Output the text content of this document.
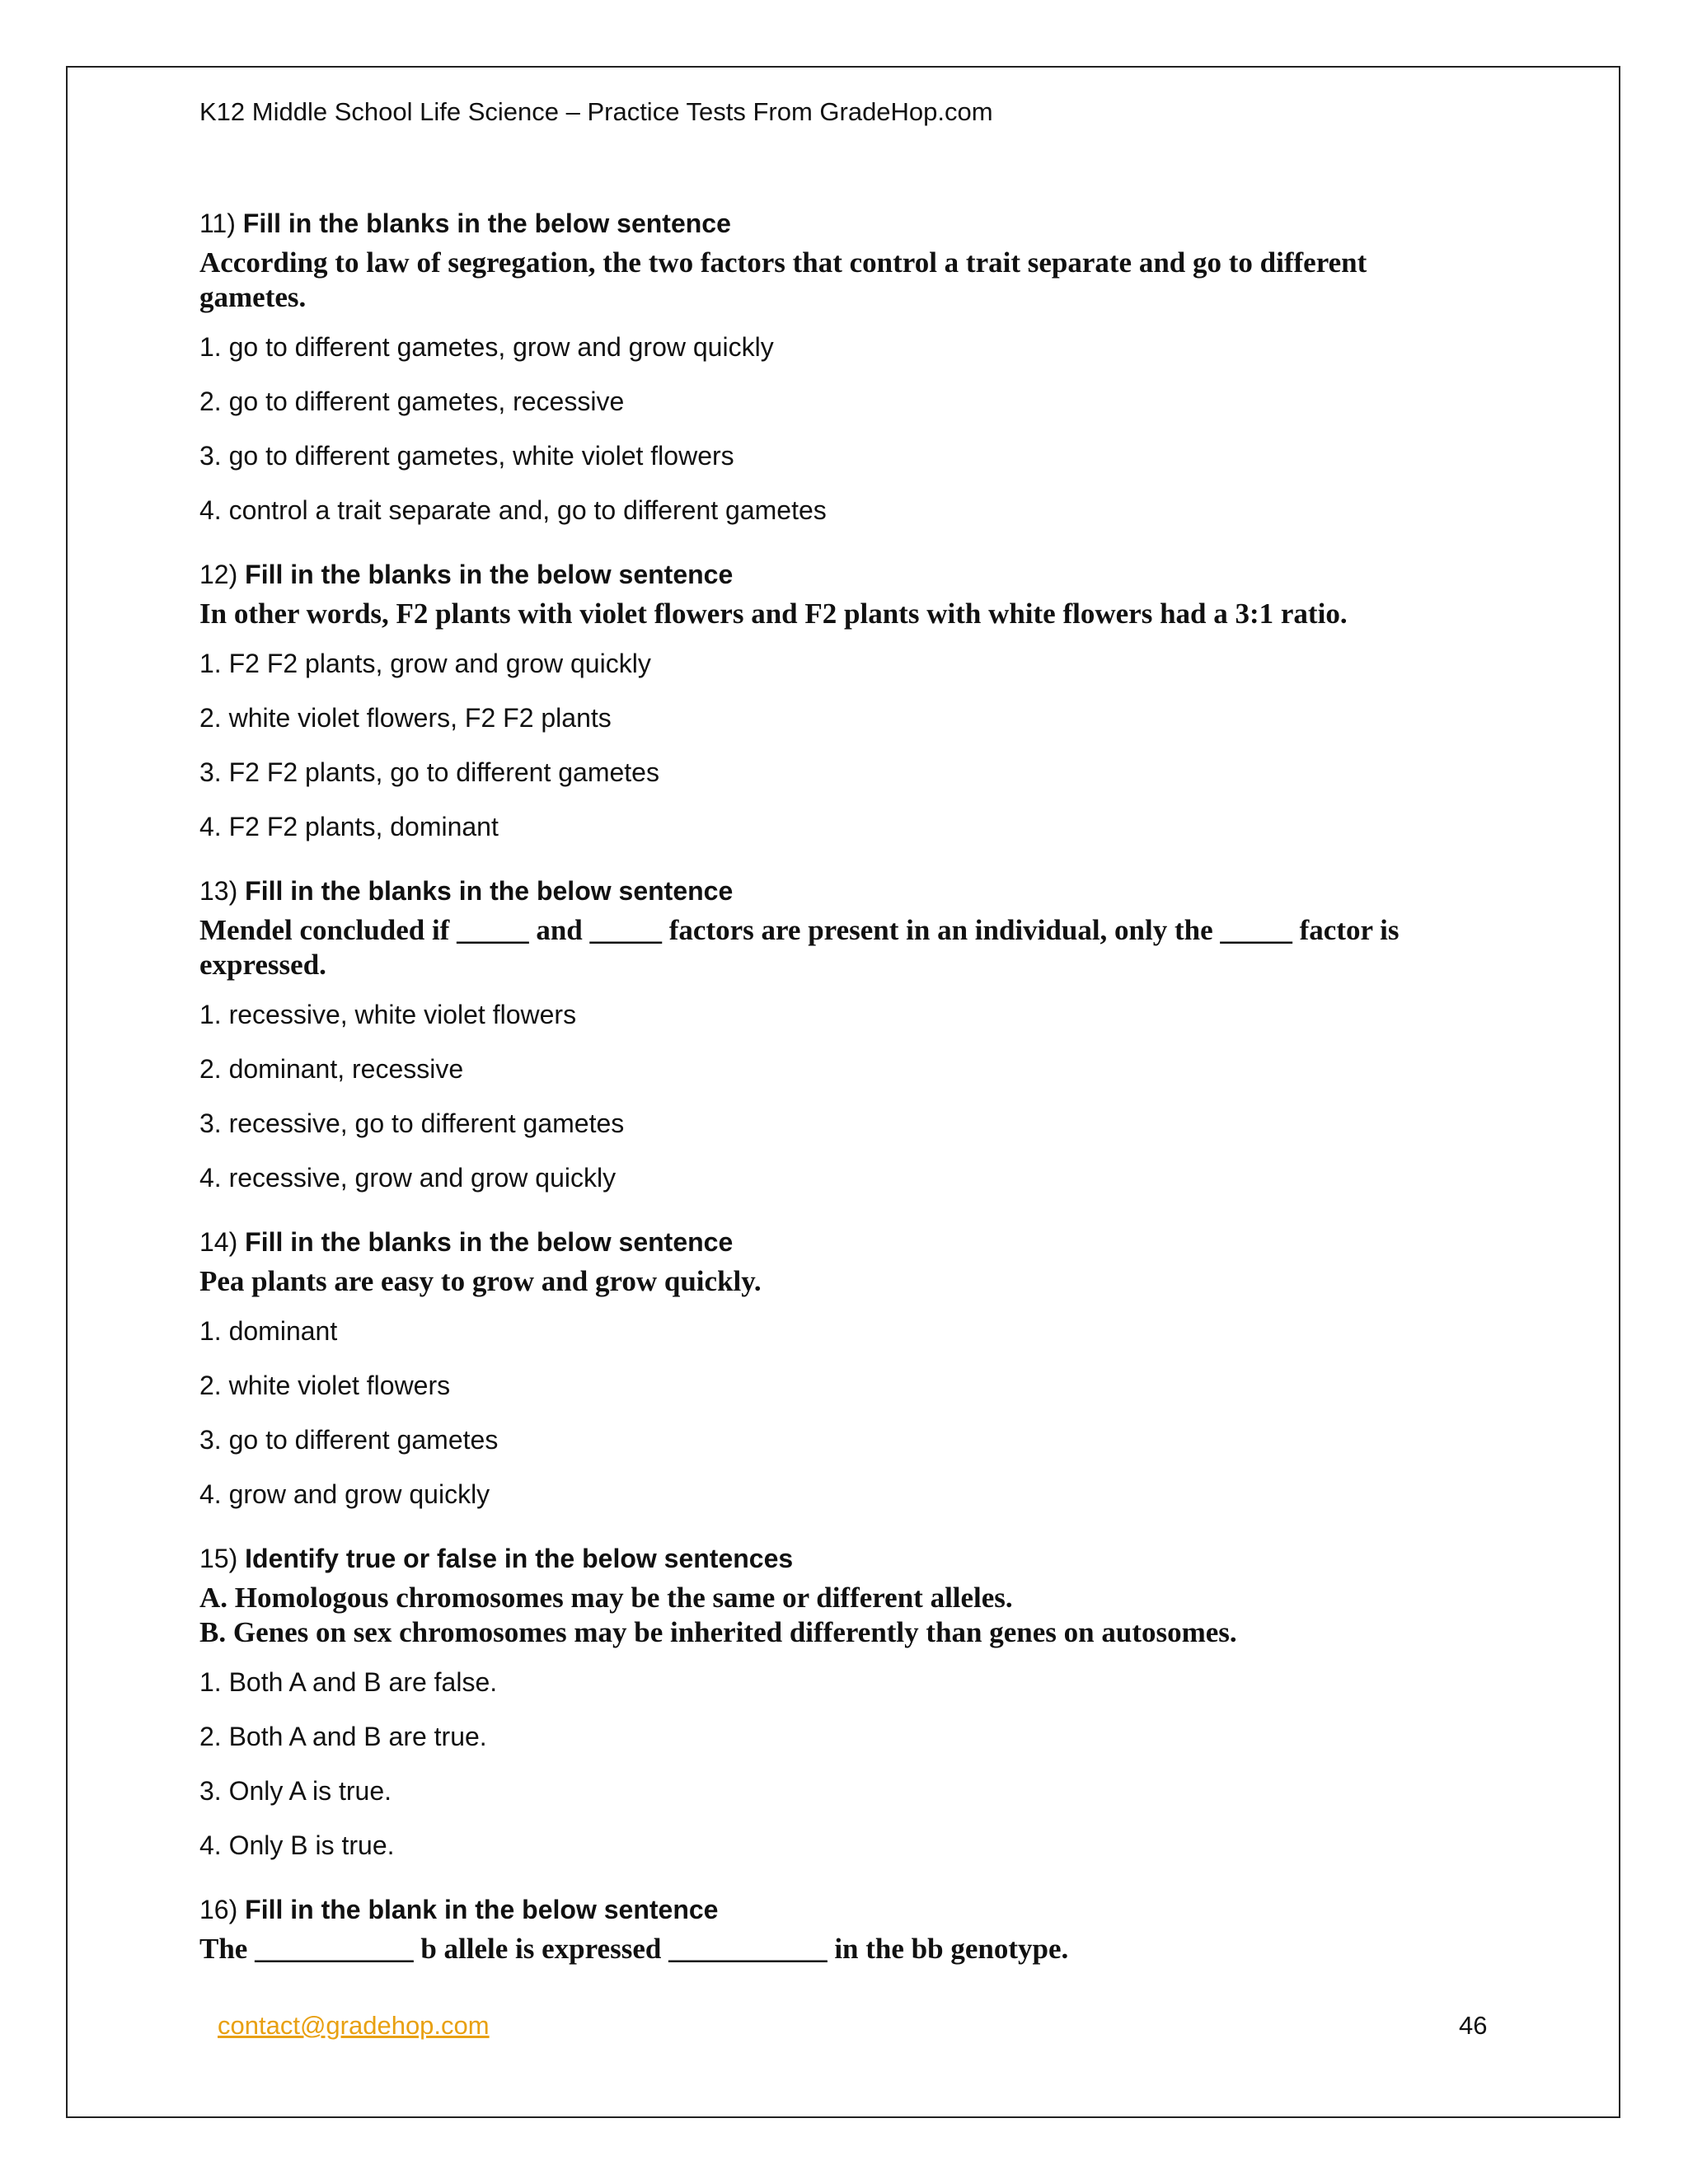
K12 Middle School Life Science – Practice Tests From GradeHop.com
11) Fill in the blanks in the below sentence
According to law of segregation, the two factors that control a trait separate and go to different
gametes.
1. go to different gametes, grow and grow quickly
2. go to different gametes, recessive
3. go to different gametes, white violet flowers
4. control a trait separate and, go to different gametes
12) Fill in the blanks in the below sentence
In other words, F2 plants with violet flowers and F2 plants with white flowers had a 3:1 ratio.
1. F2 F2 plants, grow and grow quickly
2. white violet flowers, F2 F2 plants
3. F2 F2 plants, go to different gametes
4. F2 F2 plants, dominant
13) Fill in the blanks in the below sentence
Mendel concluded if _____ and _____ factors are present in an individual, only the _____ factor is
expressed.
1. recessive, white violet flowers
2. dominant, recessive
3. recessive, go to different gametes
4. recessive, grow and grow quickly
14) Fill in the blanks in the below sentence
Pea plants are easy to grow and grow quickly.
1. dominant
2. white violet flowers
3. go to different gametes
4. grow and grow quickly
15) Identify true or false in the below sentences
A. Homologous chromosomes may be the same or different alleles.
B. Genes on sex chromosomes may be inherited differently than genes on autosomes.
1. Both A and B are false.
2. Both A and B are true.
3. Only A is true.
4. Only B is true.
16) Fill in the blank in the below sentence
The ___________ b allele is expressed ___________ in the bb genotype.
contact@gradehop.com	46
